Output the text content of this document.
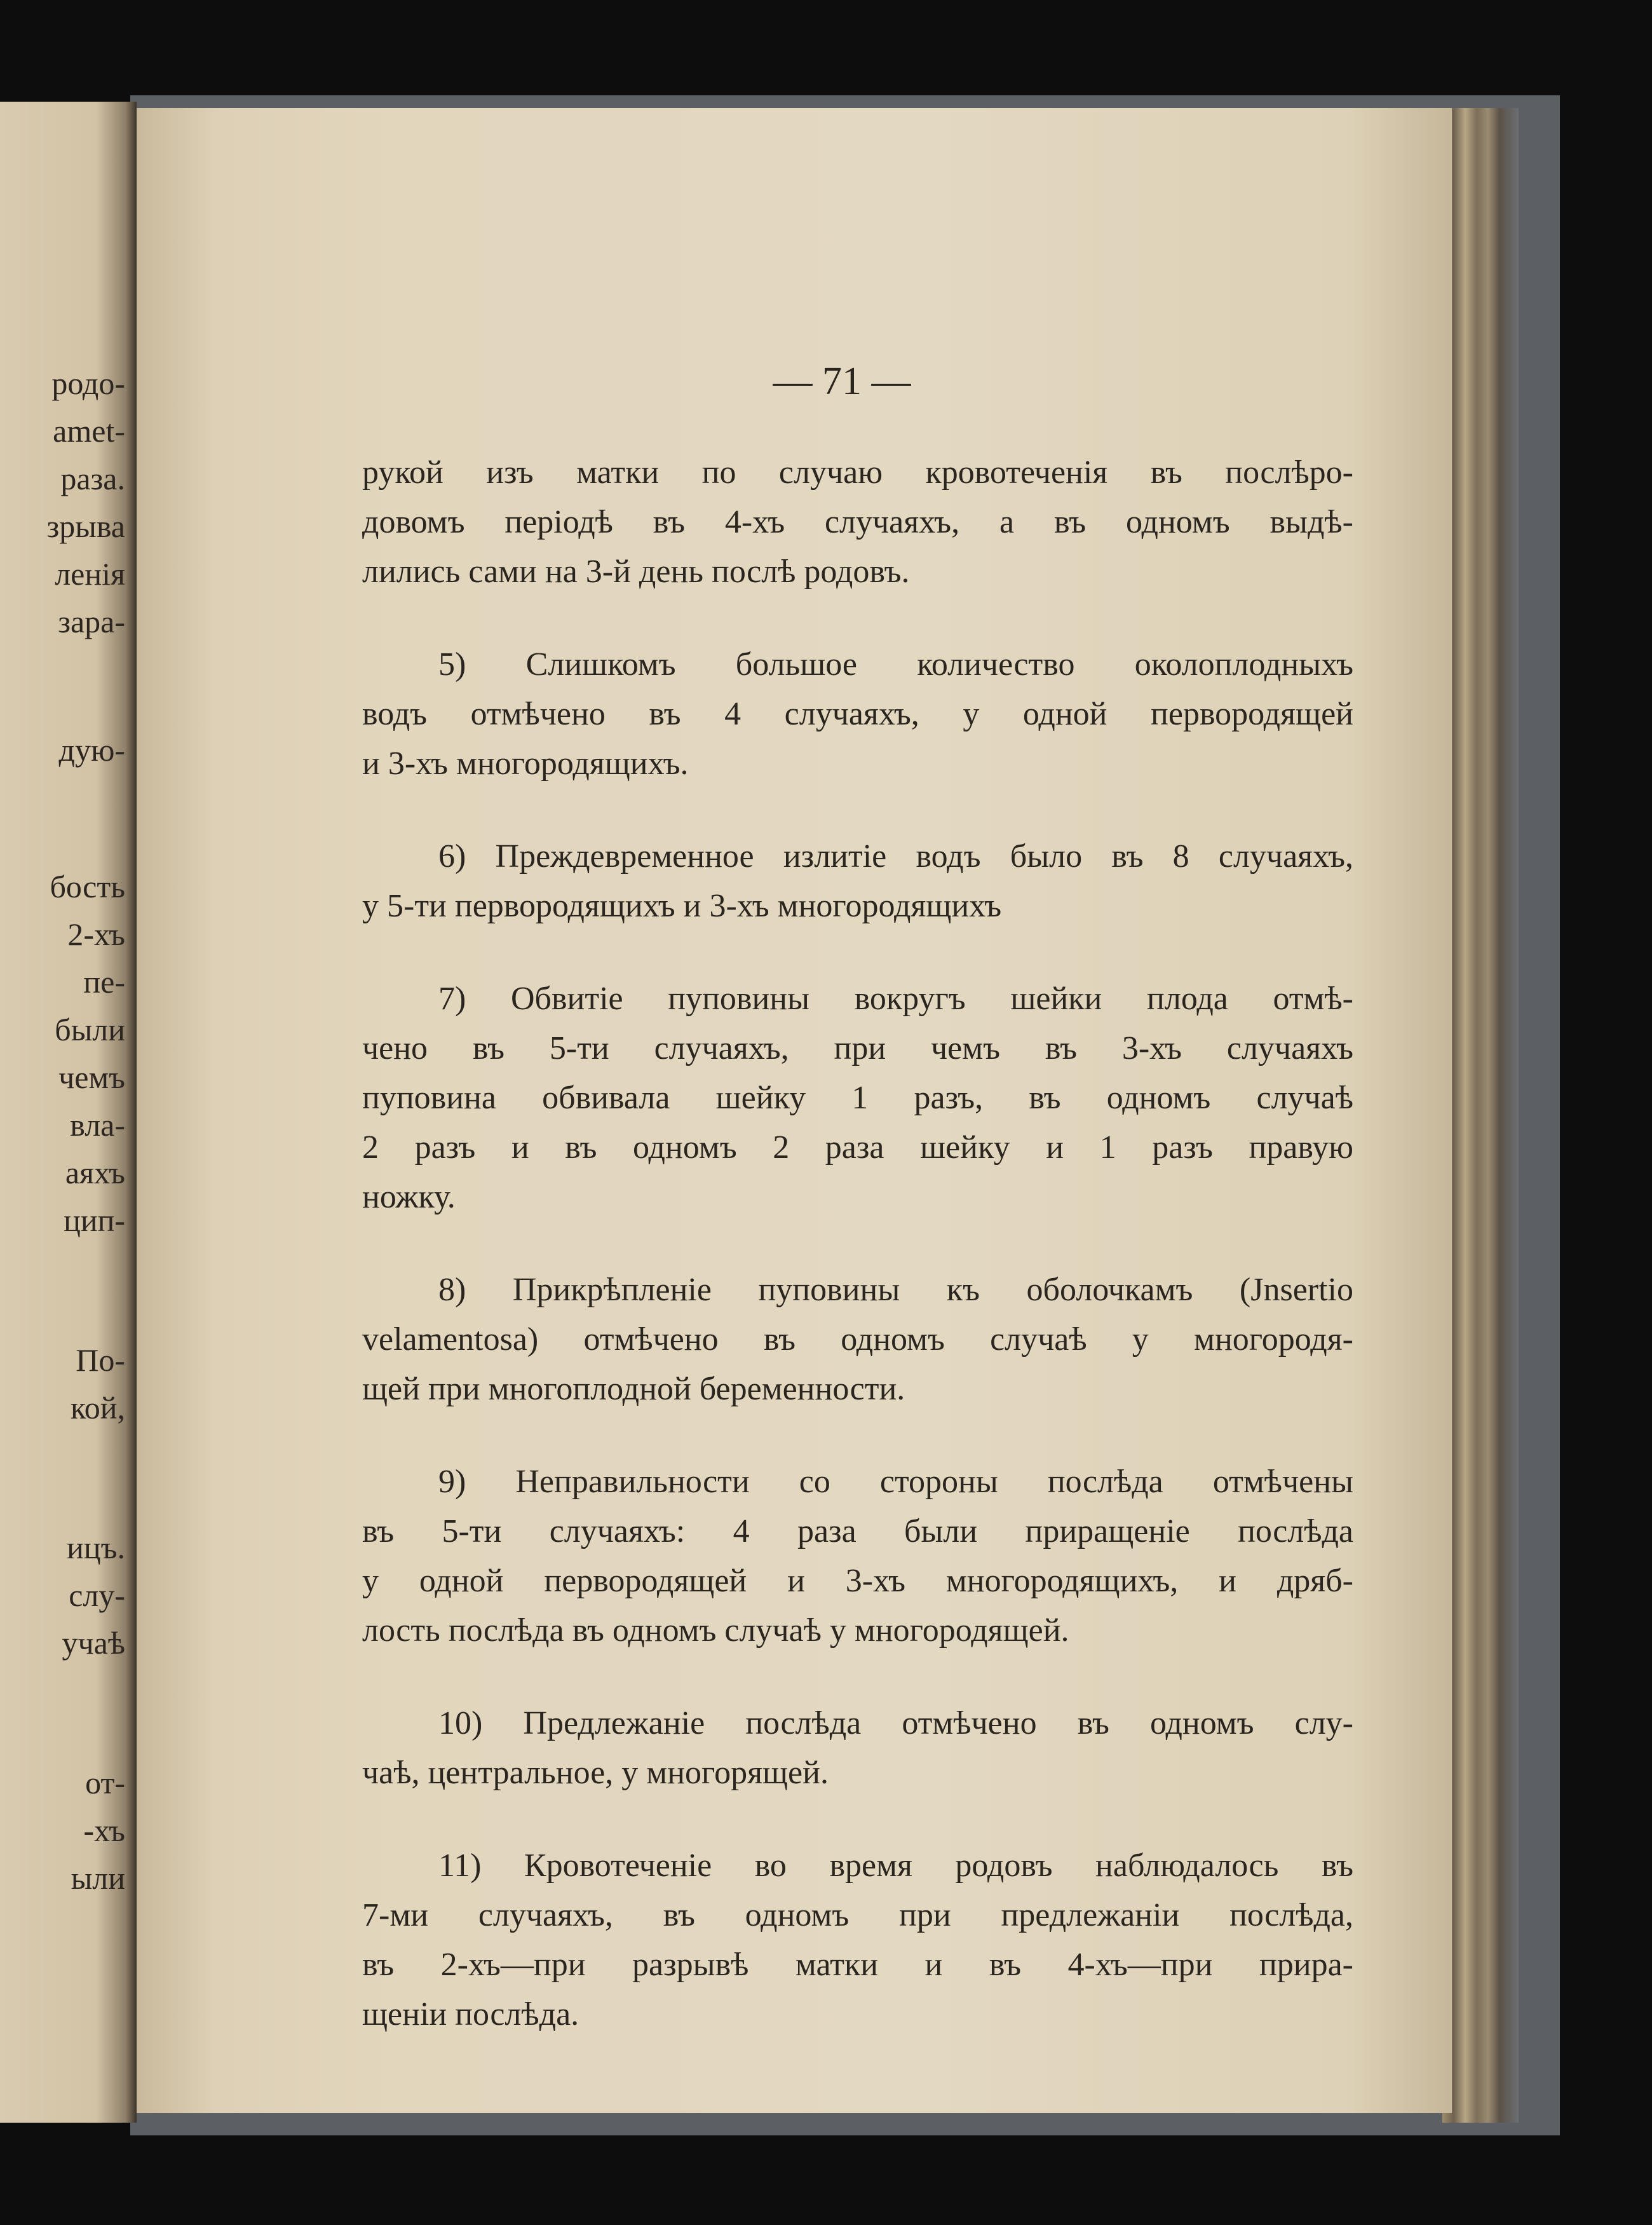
родо-
amet-
раза.
зрыва
ленія
зара-
дую-
бость
2-хъ
пе-
были
чемъ
вла-
аяхъ
цип-
По-
кой,
ицъ.
слу-
учаѣ
от-
-хъ
ыли
— 71 —
рукой изъ матки по случаю кровотеченія въ послѣро-
довомъ періодѣ въ 4-хъ случаяхъ, а въ одномъ выдѣ-
лились сами на 3-й день послѣ родовъ.
5) Слишкомъ большое количество околоплодныхъ
водъ отмѣчено въ 4 случаяхъ, у одной первородящей
и 3-хъ многородящихъ.
6) Преждевременное излитіе водъ было въ 8 случаяхъ,
у 5-ти первородящихъ и 3-хъ многородящихъ
7) Обвитіе пуповины вокругъ шейки плода отмѣ-
чено въ 5-ти случаяхъ, при чемъ въ 3-хъ случаяхъ
пуповина обвивала шейку 1 разъ, въ одномъ случаѣ
2 разъ и въ одномъ 2 раза шейку и 1 разъ правую
ножку.
8) Прикрѣпленіе пуповины къ оболочкамъ (Jnsertio
velamentosa) отмѣчено въ одномъ случаѣ у многородя-
щей при многоплодной беременности.
9) Неправильности со стороны послѣда отмѣчены
въ 5-ти случаяхъ: 4 раза были приращеніе послѣда
у одной первородящей и 3-хъ многородящихъ, и дряб-
лость послѣда въ одномъ случаѣ у многородящей.
10) Предлежаніе послѣда отмѣчено въ одномъ слу-
чаѣ, центральное, у многорящей.
11) Кровотеченіе во время родовъ наблюдалось въ
7-ми случаяхъ, въ одномъ при предлежаніи послѣда,
въ 2-хъ—при разрывѣ матки и въ 4-хъ—при прира-
щеніи послѣда.
